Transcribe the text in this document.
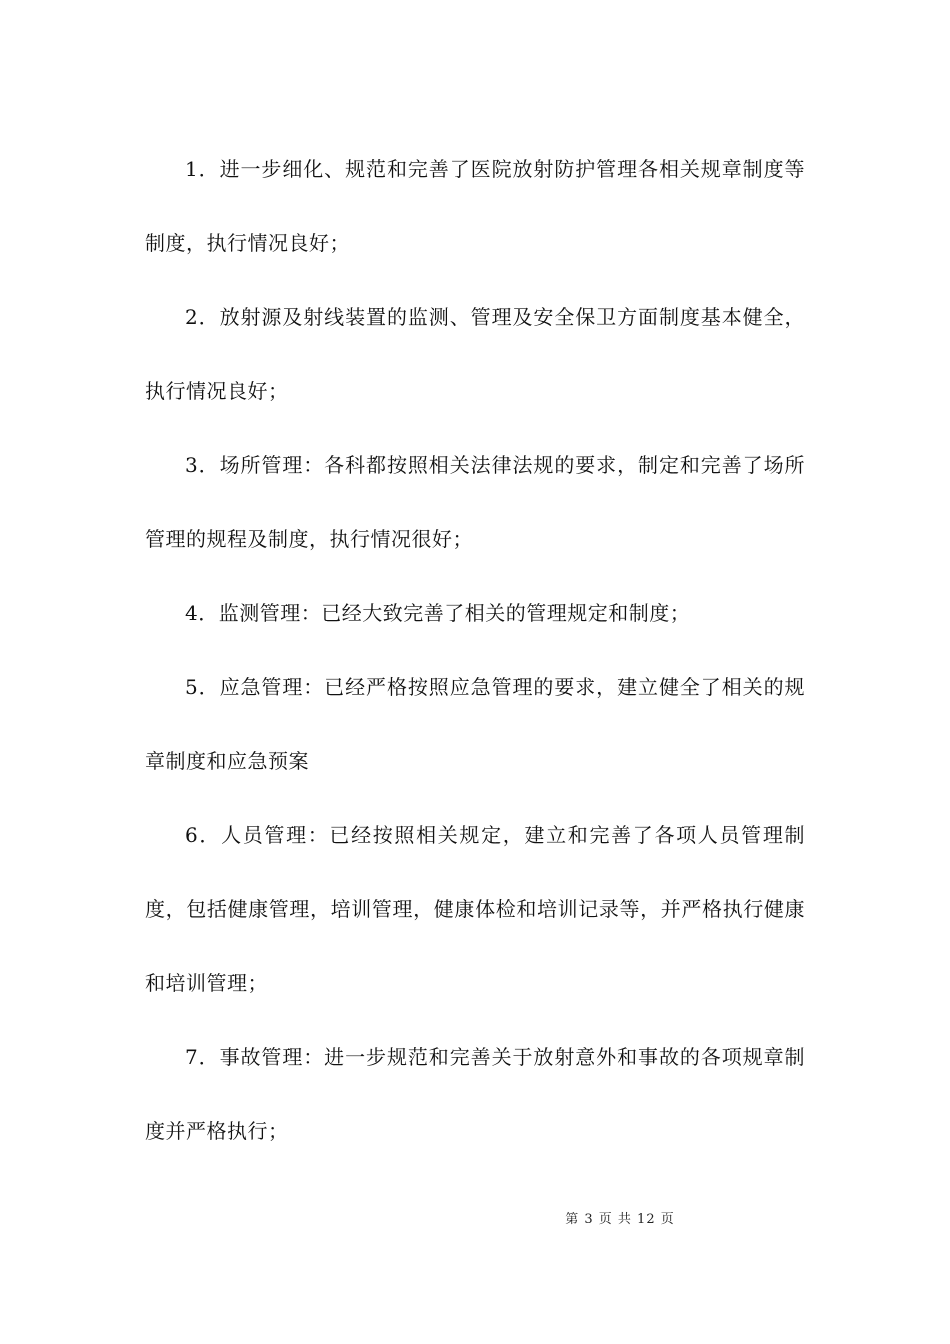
1．进一步细化、规范和完善了医院放射防护管理各相关规章制度等制度，执行情况良好；

2．放射源及射线装置的监测、管理及安全保卫方面制度基本健全，执行情况良好；

3．场所管理：各科都按照相关法律法规的要求，制定和完善了场所管理的规程及制度，执行情况很好；

4．监测管理：已经大致完善了相关的管理规定和制度；

5．应急管理：已经严格按照应急管理的要求，建立健全了相关的规章制度和应急预案

6．人员管理：已经按照相关规定，建立和完善了各项人员管理制度，包括健康管理，培训管理，健康体检和培训记录等，并严格执行健康和培训管理；

7．事故管理：进一步规范和完善关于放射意外和事故的各项规章制度并严格执行；

第 3 页 共 12 页
